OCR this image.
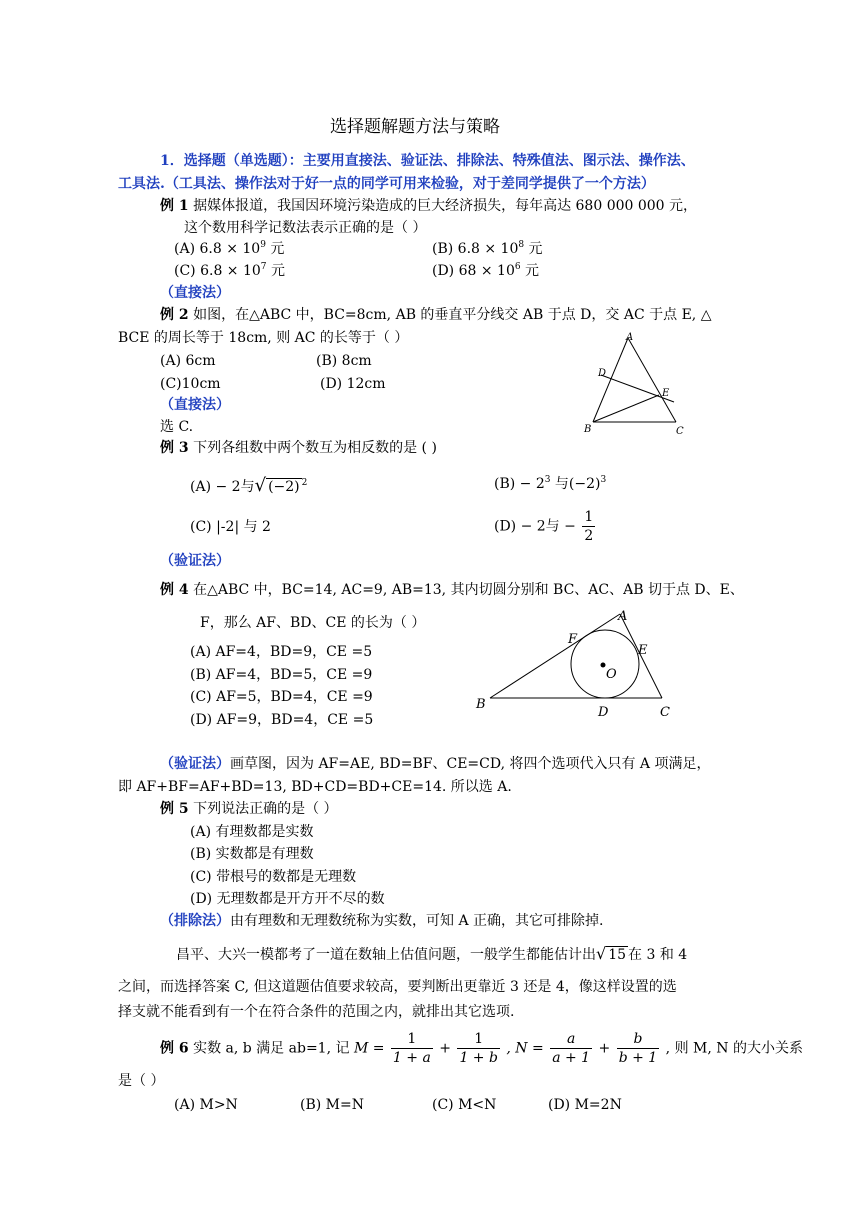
选择题解题方法与策略
1．选择题（单选题）：主要用直接法、验证法、排除法、特殊值法、图示法、操作法、
工具法.（工具法、操作法对于好一点的同学可用来检验，对于差同学提供了一个方法）
例 1 据媒体报道，我国因环境污染造成的巨大经济损失，每年高达 680 000 000 元，
这个数用科学记数法表示正确的是（ ）
(A) $6.8 \times 10^9$ 元	(B) $6.8 \times 10^8$ 元
(C) $6.8 \times 10^7$ 元	(D) $68 \times 10^6$ 元
（直接法）
例 2 如图，在△ABC 中，BC=8cm, AB 的垂直平分线交 AB 于点 D，交 AC 于点 E, △
BCE 的周长等于 18cm, 则 AC 的长等于（ ）
(A) 6cm	(B) 8cm
(C)10cm	(D) 12cm
（直接法）
选 C.
A
D
E
B	C
例 3 下列各组数中两个数互为相反数的是 ( )
(A) − 2与√ (−2) $^2$	$(B) - 2^3$ 与$(-2)^3$
(C) |-2| 与 2	(D) − 2与 − $\frac{1}{2}$
（验证法）
例 4 在△ABC 中，BC=14, AC=9, AB=13, 其内切圆分别和 BC、AC、AB 切于点 D、E、
F，那么 AF、BD、CE 的长为（ ）
(A) AF=4，BD=9，CE =5
(B) AF=4，BD=5，CE =9
(C) AF=5，BD=4，CE =9
(D) AF=9，BD=4，CE =5
A
F
E
O
B
D	C
（验证法）画草图，因为 AF=AE, BD=BF、CE=CD, 将四个选项代入只有 A 项满足，
即 AF+BF=AF+BD=13, BD+CD=BD+CE=14. 所以选 A.
例 5 下列说法正确的是（ ）
(A) 有理数都是实数
(B) 实数都是有理数
(C) 带根号的数都是无理数
(D) 无理数都是开方开不尽的数
（排除法）由有理数和无理数统称为实数，可知 A 正确，其它可排除掉.
昌平、大兴一模都考了一道在数轴上估值问题，一般学生都能估计出√ 15 在 3 和 4
之间，而选择答案 C, 但这道题估值要求较高，要判断出更靠近 3 还是 4，像这样设置的选
择支就不能看到有一个在符合条件的范围之内，就排出其它选项.
例 6 实数 a, b 满足 ab=1, 记 $M = \frac{1}{1 + a} + \frac{1}{1 + b}$ , $N = \frac{a}{a + 1} + \frac{b}{b + 1}$ , 则 M, N 的大小关系
是（ ）
(A) M>N	(B) M=N	(C) M<N	(D) M=2N
